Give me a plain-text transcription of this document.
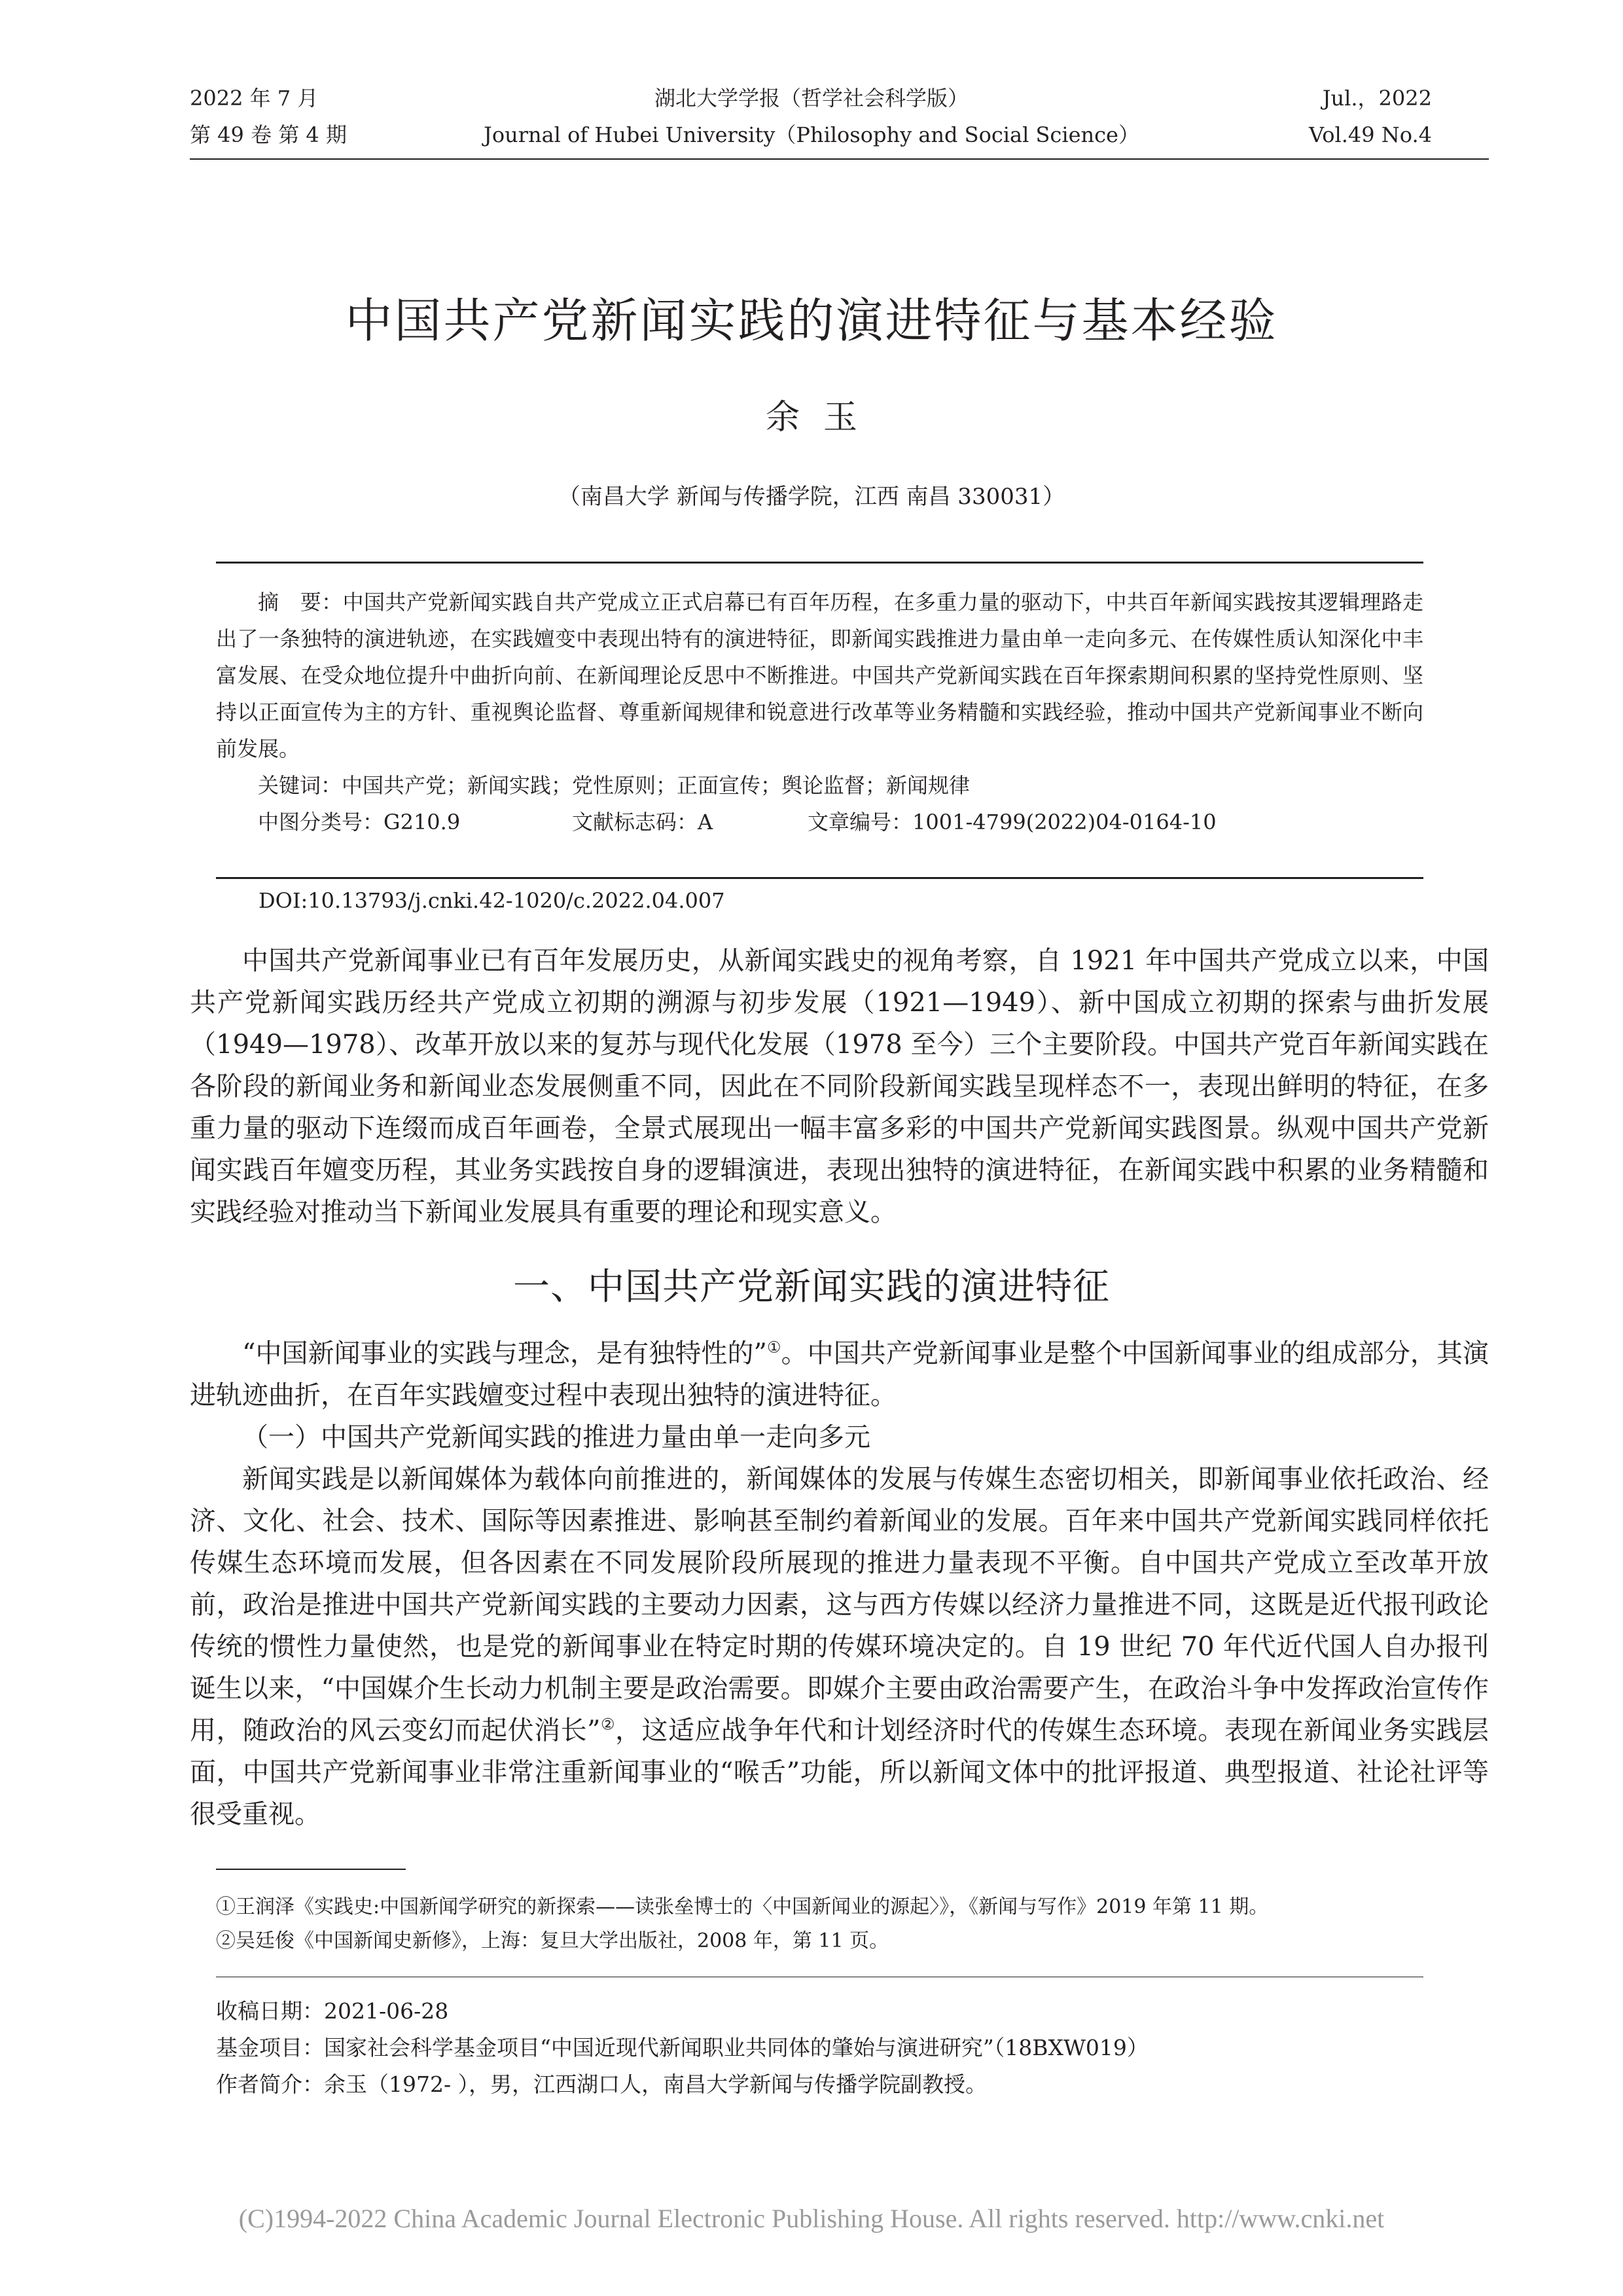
2022 年 7 月
第 49 卷 第 4 期
湖北大学学报（哲学社会科学版）
Journal of Hubei University（Philosophy and Social Science）
Jul.，2022
Vol.49 No.4
中国共产党新闻实践的演进特征与基本经验
余玉
（南昌大学 新闻与传播学院，江西 南昌 330031）

摘　要：中国共产党新闻实践自共产党成立正式启幕已有百年历程，在多重力量的驱动下，中共百年新闻实践按其逻辑理路走出了一条独特的演进轨迹，在实践嬗变中表现出特有的演进特征，即新闻实践推进力量由单一走向多元、在传媒性质认知深化中丰富发展、在受众地位提升中曲折向前、在新闻理论反思中不断推进。中国共产党新闻实践在百年探索期间积累的坚持党性原则、坚持以正面宣传为主的方针、重视舆论监督、尊重新闻规律和锐意进行改革等业务精髓和实践经验，推动中国共产党新闻事业不断向前发展。

关键词：中国共产党；新闻实践；党性原则；正面宣传；舆论监督；新闻规律

中图分类号：G210.9	文献标志码：A	文章编号：1001-4799(2022)04-0164-10
DOI:10.13793/j.cnki.42-1020/c.2022.04.007

中国共产党新闻事业已有百年发展历史，从新闻实践史的视角考察，自 1921 年中国共产党成立以来，中国共产党新闻实践历经共产党成立初期的溯源与初步发展（1921—1949）、新中国成立初期的探索与曲折发展（1949—1978）、改革开放以来的复苏与现代化发展（1978 至今）三个主要阶段。中国共产党百年新闻实践在各阶段的新闻业务和新闻业态发展侧重不同，因此在不同阶段新闻实践呈现样态不一，表现出鲜明的特征，在多重力量的驱动下连缀而成百年画卷，全景式展现出一幅丰富多彩的中国共产党新闻实践图景。纵观中国共产党新闻实践百年嬗变历程，其业务实践按自身的逻辑演进，表现出独特的演进特征，在新闻实践中积累的业务精髓和实践经验对推动当下新闻业发展具有重要的理论和现实意义。

一、中国共产党新闻实践的演进特征

“中国新闻事业的实践与理念，是有独特性的”①。中国共产党新闻事业是整个中国新闻事业的组成部分，其演进轨迹曲折，在百年实践嬗变过程中表现出独特的演进特征。

（一）中国共产党新闻实践的推进力量由单一走向多元

新闻实践是以新闻媒体为载体向前推进的，新闻媒体的发展与传媒生态密切相关，即新闻事业依托政治、经济、文化、社会、技术、国际等因素推进、影响甚至制约着新闻业的发展。百年来中国共产党新闻实践同样依托传媒生态环境而发展，但各因素在不同发展阶段所展现的推进力量表现不平衡。自中国共产党成立至改革开放前，政治是推进中国共产党新闻实践的主要动力因素，这与西方传媒以经济力量推进不同，这既是近代报刊政论传统的惯性力量使然，也是党的新闻事业在特定时期的传媒环境决定的。自 19 世纪 70 年代近代国人自办报刊诞生以来，“中国媒介生长动力机制主要是政治需要。即媒介主要由政治需要产生，在政治斗争中发挥政治宣传作用，随政治的风云变幻而起伏消长”②，这适应战争年代和计划经济时代的传媒生态环境。表现在新闻业务实践层面，中国共产党新闻事业非常注重新闻事业的“喉舌”功能，所以新闻文体中的批评报道、典型报道、社论社评等很受重视。

①王润泽《实践史:中国新闻学研究的新探索——读张垒博士的〈中国新闻业的源起〉》，《新闻与写作》2019 年第 11 期。

②吴廷俊《中国新闻史新修》，上海：复旦大学出版社，2008 年，第 11 页。

收稿日期：2021-06-28

基金项目：国家社会科学基金项目“中国近现代新闻职业共同体的肇始与演进研究”（18BXW019）

作者简介：余玉（1972- ），男，江西湖口人，南昌大学新闻与传播学院副教授。

(C)1994-2022 China Academic Journal Electronic Publishing House. All rights reserved. http://www.cnki.net
